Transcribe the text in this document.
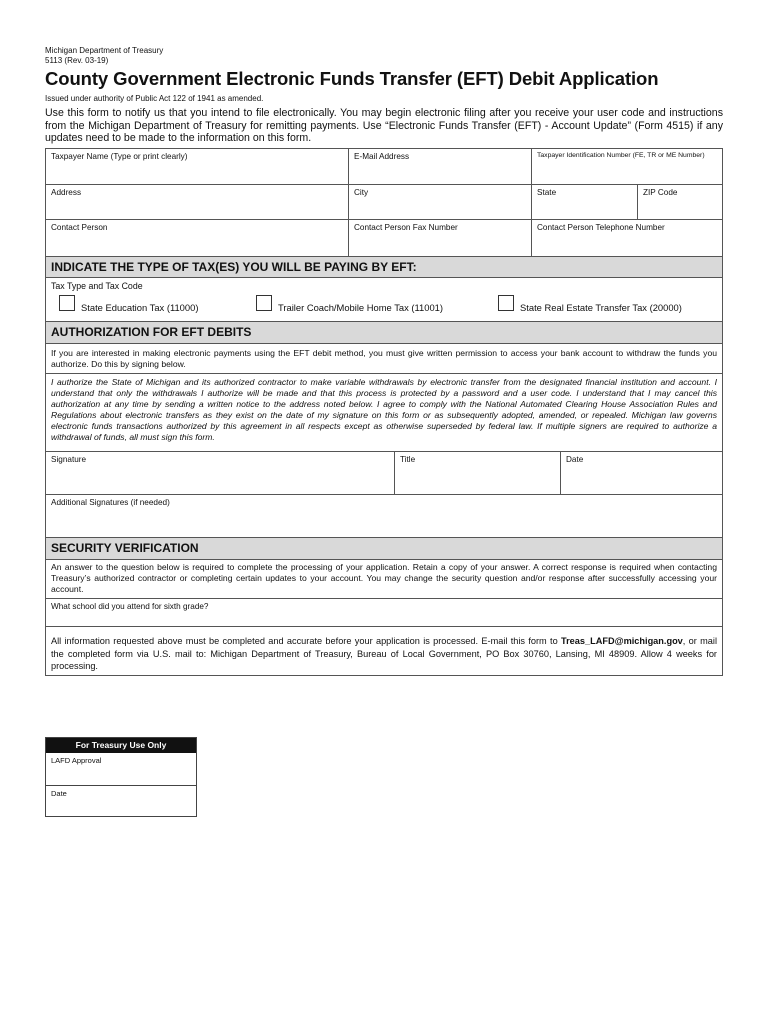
Michigan Department of Treasury
5113 (Rev. 03-19)
County Government Electronic Funds Transfer (EFT) Debit Application
Issued under authority of Public Act 122 of 1941 as amended.
Use this form to notify us that you intend to file electronically. You may begin electronic filing after you receive your user code and instructions from the Michigan Department of Treasury for remitting payments. Use “Electronic Funds Transfer (EFT) - Account Update” (Form 4515) if any updates need to be made to the information on this form.
Taxpayer Name (Type or print clearly)	E-Mail Address	Taxpayer Identification Number (FE, TR or ME Number)
Address	City	State	ZIP Code
Contact Person	Contact Person Fax Number	Contact Person Telephone Number
INDICATE THE TYPE OF TAX(ES) YOU WILL BE PAYING BY EFT:
Tax Type and Tax Code
State Education Tax (11000)	Trailer Coach/Mobile Home Tax (11001)	State Real Estate Transfer Tax (20000)
AUTHORIZATION FOR EFT DEBITS
If you are interested in making electronic payments using the EFT debit method, you must give written permission to access your bank account to withdraw the funds you authorize. Do this by signing below.
I authorize the State of Michigan and its authorized contractor to make variable withdrawals by electronic transfer from the designated financial institution and account. I understand that only the withdrawals I authorize will be made and that this process is protected by a password and a user code. I understand that I may cancel this authorization at any time by sending a written notice to the address noted below. I agree to comply with the National Automated Clearing House Association Rules and Regulations about electronic transfers as they exist on the date of my signature on this form or as subsequently adopted, amended, or repealed. Michigan law governs electronic funds transactions authorized by this agreement in all respects except as otherwise superseded by federal law. If multiple signers are required to authorize a withdrawal of funds, all must sign this form.
Signature	Title	Date
Additional Signatures (if needed)
SECURITY VERIFICATION
An answer to the question below is required to complete the processing of your application. Retain a copy of your answer. A correct response is required when contacting Treasury’s authorized contractor or completing certain updates to your account. You may change the security question and/or response after successfully accessing your account.
What school did you attend for sixth grade?
All information requested above must be completed and accurate before your application is processed. E-mail this form to Treas_LAFD@michigan.gov, or mail the completed form via U.S. mail to: Michigan Department of Treasury, Bureau of Local Government, PO Box 30760, Lansing, MI 48909. Allow 4 weeks for processing.
For Treasury Use Only
LAFD Approval
Date
